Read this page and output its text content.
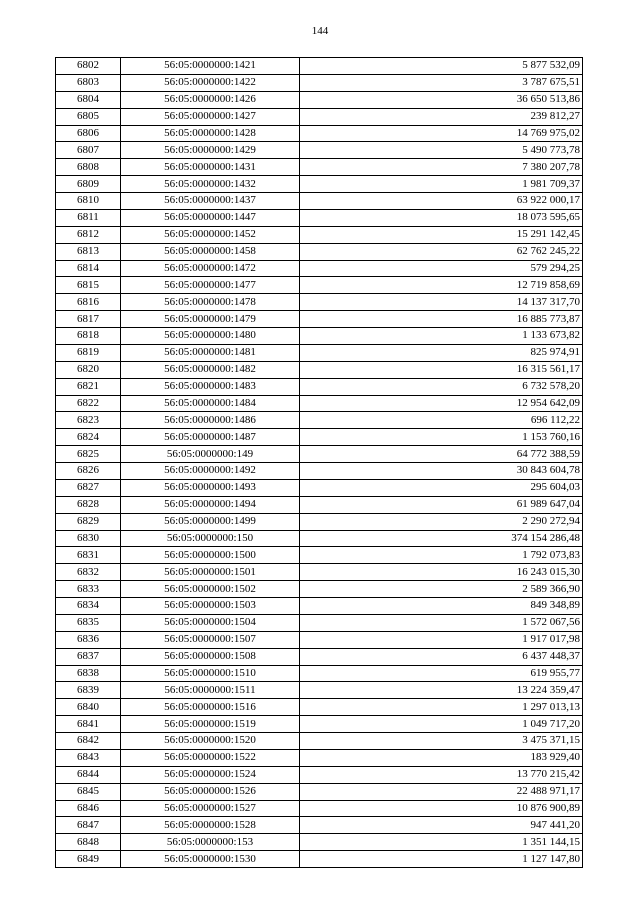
144
6802	56:05:0000000:1421	5 877 532,09
6803	56:05:0000000:1422	3 787 675,51
6804	56:05:0000000:1426	36 650 513,86
6805	56:05:0000000:1427	239 812,27
6806	56:05:0000000:1428	14 769 975,02
6807	56:05:0000000:1429	5 490 773,78
6808	56:05:0000000:1431	7 380 207,78
6809	56:05:0000000:1432	1 981 709,37
6810	56:05:0000000:1437	63 922 000,17
6811	56:05:0000000:1447	18 073 595,65
6812	56:05:0000000:1452	15 291 142,45
6813	56:05:0000000:1458	62 762 245,22
6814	56:05:0000000:1472	579 294,25
6815	56:05:0000000:1477	12 719 858,69
6816	56:05:0000000:1478	14 137 317,70
6817	56:05:0000000:1479	16 885 773,87
6818	56:05:0000000:1480	1 133 673,82
6819	56:05:0000000:1481	825 974,91
6820	56:05:0000000:1482	16 315 561,17
6821	56:05:0000000:1483	6 732 578,20
6822	56:05:0000000:1484	12 954 642,09
6823	56:05:0000000:1486	696 112,22
6824	56:05:0000000:1487	1 153 760,16
6825	56:05:0000000:149	64 772 388,59
6826	56:05:0000000:1492	30 843 604,78
6827	56:05:0000000:1493	295 604,03
6828	56:05:0000000:1494	61 989 647,04
6829	56:05:0000000:1499	2 290 272,94
6830	56:05:0000000:150	374 154 286,48
6831	56:05:0000000:1500	1 792 073,83
6832	56:05:0000000:1501	16 243 015,30
6833	56:05:0000000:1502	2 589 366,90
6834	56:05:0000000:1503	849 348,89
6835	56:05:0000000:1504	1 572 067,56
6836	56:05:0000000:1507	1 917 017,98
6837	56:05:0000000:1508	6 437 448,37
6838	56:05:0000000:1510	619 955,77
6839	56:05:0000000:1511	13 224 359,47
6840	56:05:0000000:1516	1 297 013,13
6841	56:05:0000000:1519	1 049 717,20
6842	56:05:0000000:1520	3 475 371,15
6843	56:05:0000000:1522	183 929,40
6844	56:05:0000000:1524	13 770 215,42
6845	56:05:0000000:1526	22 488 971,17
6846	56:05:0000000:1527	10 876 900,89
6847	56:05:0000000:1528	947 441,20
6848	56:05:0000000:153	1 351 144,15
6849	56:05:0000000:1530	1 127 147,80
